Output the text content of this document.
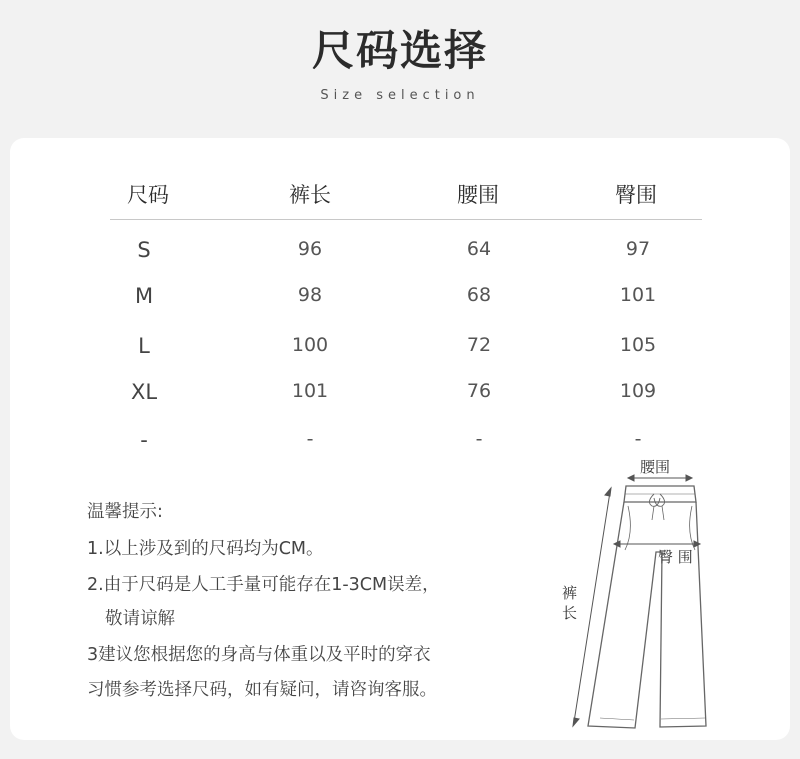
尺码选择
Size selection
尺码	裤长	腰围	臀围
S	96	64	97
M	98	68	101
L	100	72	105
XL	101	76	109
-	-	-	-
温馨提示:
1.以上涉及到的尺码均为CM。
2.由于尺码是人工手量可能存在1-3CM误差，
敬请谅解
3建议您根据您的身高与体重以及平时的穿衣
习惯参考选择尺码，如有疑问，请咨询客服。
腰围
臀 围
裤
长
